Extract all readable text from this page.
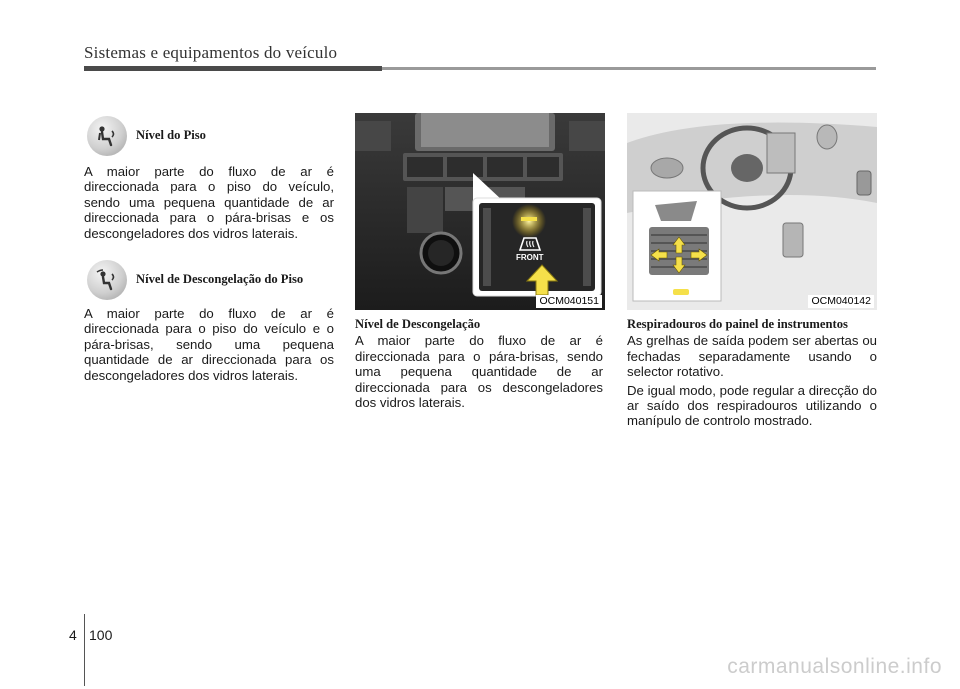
Sistemas e equipamentos do veículo
Nível do Piso

A maior parte do fluxo de ar é direccionada para o piso do veículo, sendo uma pequena quantidade de ar direccionada para o pára-brisas e os descongeladores dos vidros laterais.

Nível de Descongelação do Piso

A maior parte do fluxo de ar é direccionada para o piso do veículo e o pára-brisas, sendo uma pequena quantidade de ar direccionada para os descongeladores dos vidros laterais.

FRONT
OCM040151

Nível de Descongelação

A maior parte do fluxo de ar é direccionada para o pára-brisas, sendo uma pequena quantidade de ar direccionada para os descongeladores dos vidros laterais.

OCM040142

Respiradouros do painel de instrumentos

As grelhas de saída podem ser abertas ou fechadas separadamente usando o selector rotativo.

De igual modo, pode regular a direcção do ar saído dos respiradouros utilizando o manípulo de controlo mostrado.

4 100
carmanualsonline.info
